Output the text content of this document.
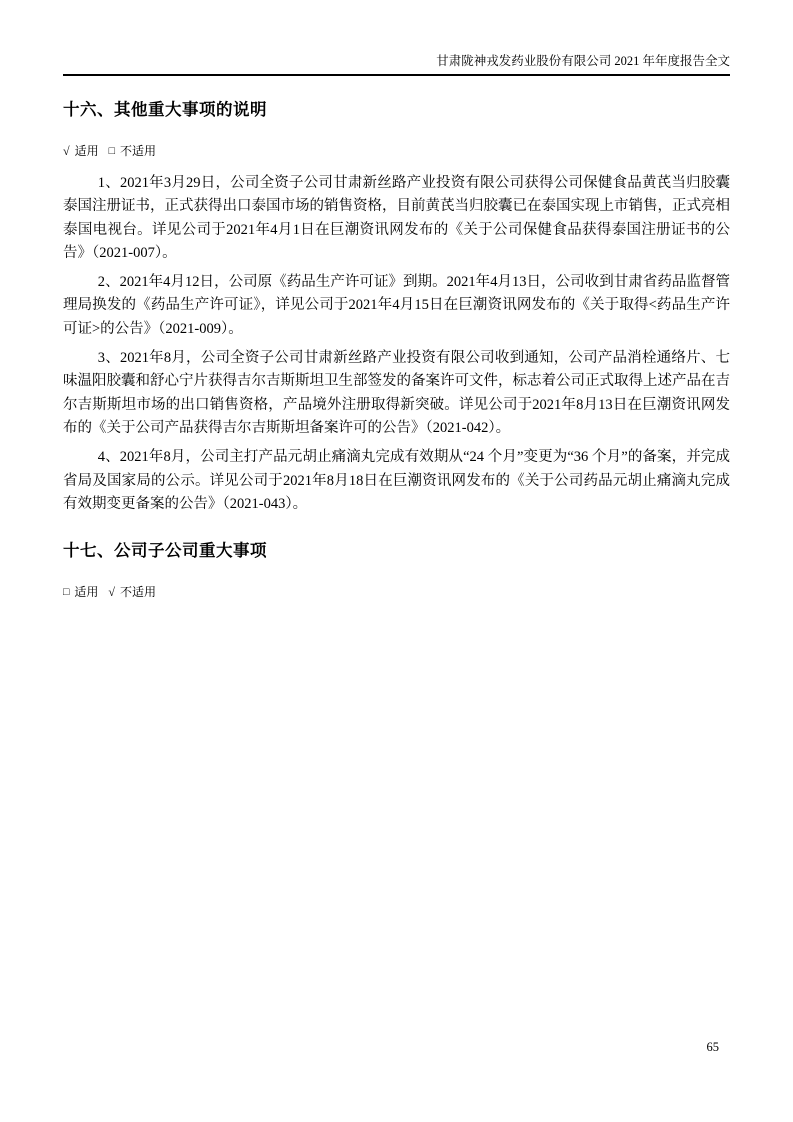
甘肃陇神戎发药业股份有限公司 2021 年年度报告全文
十六、其他重大事项的说明
√ 适用 □ 不适用

1、2021年3月29日，公司全资子公司甘肃新丝路产业投资有限公司获得公司保健食品黄芪当归胶囊泰国注册证书，正式获得出口泰国市场的销售资格，目前黄芪当归胶囊已在泰国实现上市销售，正式亮相泰国电视台。详见公司于2021年4月1日在巨潮资讯网发布的《关于公司保健食品获得泰国注册证书的公告》（2021-007）。

2、2021年4月12日，公司原《药品生产许可证》到期。2021年4月13日，公司收到甘肃省药品监督管理局换发的《药品生产许可证》，详见公司于2021年4月15日在巨潮资讯网发布的《关于取得<药品生产许可证>的公告》（2021-009）。

3、2021年8月，公司全资子公司甘肃新丝路产业投资有限公司收到通知，公司产品消栓通络片、七味温阳胶囊和舒心宁片获得吉尔吉斯斯坦卫生部签发的备案许可文件，标志着公司正式取得上述产品在吉尔吉斯斯坦市场的出口销售资格，产品境外注册取得新突破。详见公司于2021年8月13日在巨潮资讯网发布的《关于公司产品获得吉尔吉斯斯坦备案许可的公告》（2021-042）。

4、2021年8月，公司主打产品元胡止痛滴丸完成有效期从“24 个月”变更为“36 个月”的备案，并完成省局及国家局的公示。详见公司于2021年8月18日在巨潮资讯网发布的《关于公司药品元胡止痛滴丸完成有效期变更备案的公告》（2021-043）。

十七、公司子公司重大事项
□ 适用 √ 不适用
65
